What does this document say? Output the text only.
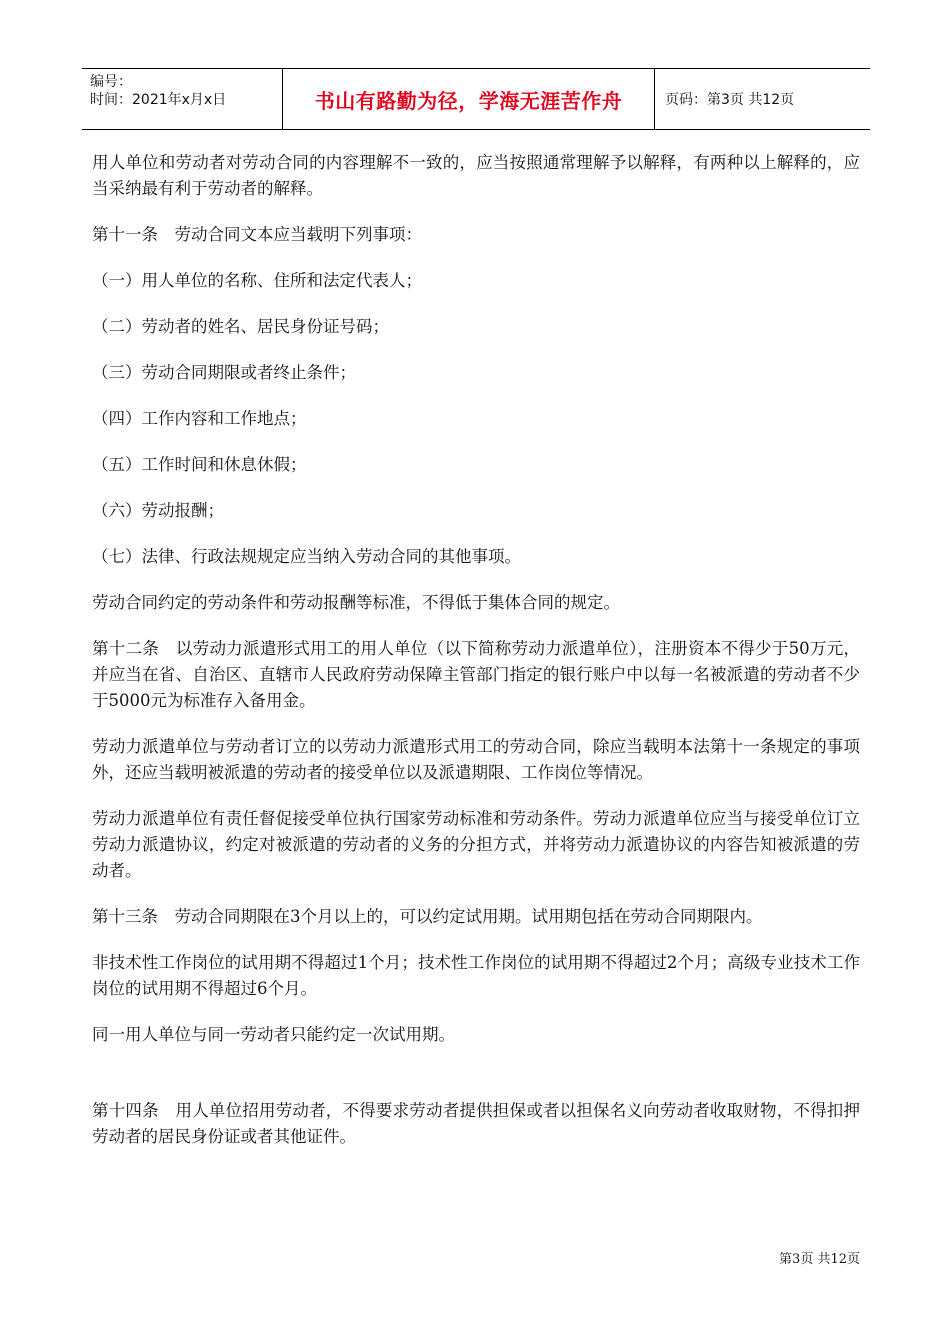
编号：
时间：2021年x月x日	书山有路勤为径，学海无涯苦作舟	页码：第3页 共12页

用人单位和劳动者对劳动合同的内容理解不一致的，应当按照通常理解予以解释，有两种以上解释的，应当采纳最有利于劳动者的解释。

第十一条　劳动合同文本应当载明下列事项：

（一）用人单位的名称、住所和法定代表人；

（二）劳动者的姓名、居民身份证号码；

（三）劳动合同期限或者终止条件；

（四）工作内容和工作地点；

（五）工作时间和休息休假；

（六）劳动报酬；

（七）法律、行政法规规定应当纳入劳动合同的其他事项。

劳动合同约定的劳动条件和劳动报酬等标准，不得低于集体合同的规定。

第十二条　以劳动力派遣形式用工的用人单位（以下简称劳动力派遣单位），注册资本不得少于50万元，并应当在省、自治区、直辖市人民政府劳动保障主管部门指定的银行账户中以每一名被派遣的劳动者不少于5000元为标准存入备用金。

劳动力派遣单位与劳动者订立的以劳动力派遣形式用工的劳动合同，除应当载明本法第十一条规定的事项外，还应当载明被派遣的劳动者的接受单位以及派遣期限、工作岗位等情况。

劳动力派遣单位有责任督促接受单位执行国家劳动标准和劳动条件。劳动力派遣单位应当与接受单位订立劳动力派遣协议，约定对被派遣的劳动者的义务的分担方式，并将劳动力派遣协议的内容告知被派遣的劳动者。

第十三条　劳动合同期限在3个月以上的，可以约定试用期。试用期包括在劳动合同期限内。

非技术性工作岗位的试用期不得超过1个月；技术性工作岗位的试用期不得超过2个月；高级专业技术工作岗位的试用期不得超过6个月。

同一用人单位与同一劳动者只能约定一次试用期。

第十四条　用人单位招用劳动者，不得要求劳动者提供担保或者以担保名义向劳动者收取财物，不得扣押劳动者的居民身份证或者其他证件。

第3页 共12页
